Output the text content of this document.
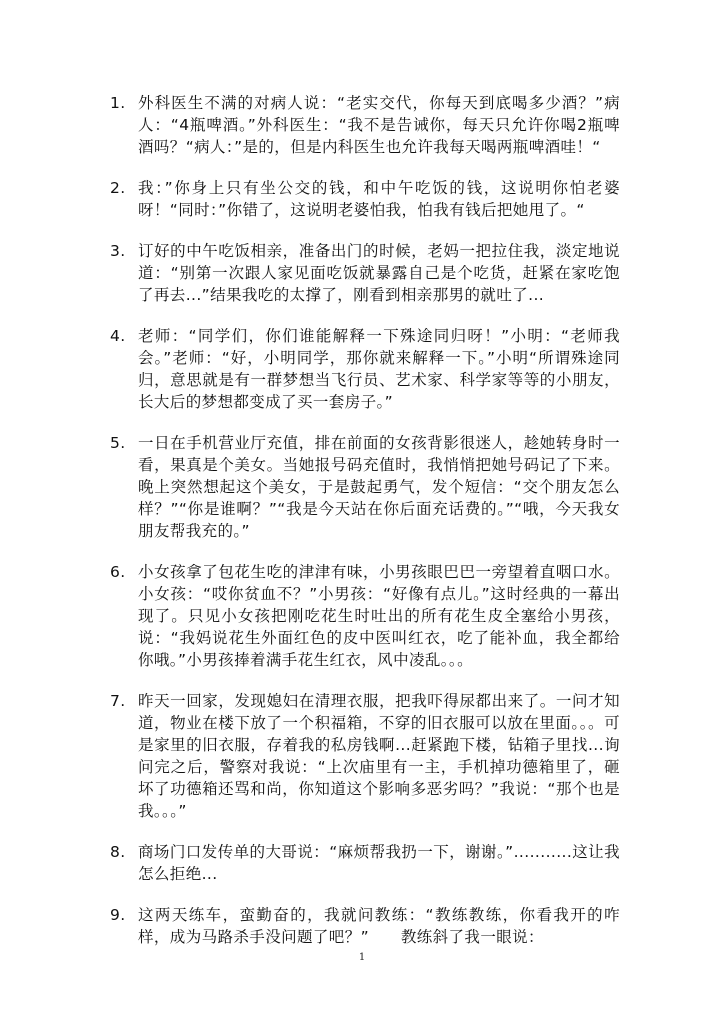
1. 外科医生不满的对病人说：“老实交代，你每天到底喝多少酒？”病人：“4瓶啤酒。”外科医生：“我不是告诫你，每天只允许你喝2瓶啤酒吗？“病人：”是的，但是内科医生也允许我每天喝两瓶啤酒哇！“
2. 我：”你身上只有坐公交的钱，和中午吃饭的钱，这说明你怕老婆呀！“同时：”你错了，这说明老婆怕我，怕我有钱后把她甩了。“
3. 订好的中午吃饭相亲，准备出门的时候，老妈一把拉住我，淡定地说道：“别第一次跟人家见面吃饭就暴露自己是个吃货，赶紧在家吃饱了再去...”结果我吃的太撑了，刚看到相亲那男的就吐了...
4. 老师：“同学们，你们谁能解释一下殊途同归呀！”小明：“老师我会。”老师：“好，小明同学，那你就来解释一下。”小明“所谓殊途同归，意思就是有一群梦想当飞行员、艺术家、科学家等等的小朋友，长大后的梦想都变成了买一套房子。”
5. 一日在手机营业厅充值，排在前面的女孩背影很迷人，趁她转身时一看，果真是个美女。当她报号码充值时，我悄悄把她号码记了下来。晚上突然想起这个美女，于是鼓起勇气，发个短信：“交个朋友怎么样？”“你是谁啊？”“我是今天站在你后面充话费的。”“哦，今天我女朋友帮我充的。”
6. 小女孩拿了包花生吃的津津有味，小男孩眼巴巴一旁望着直咽口水。小女孩：“哎你贫血不？”小男孩：“好像有点儿。”这时经典的一幕出现了。只见小女孩把刚吃花生时吐出的所有花生皮全塞给小男孩，说：“我妈说花生外面红色的皮中医叫红衣，吃了能补血，我全都给你哦。”小男孩捧着满手花生红衣，风中凌乱。。。
7. 昨天一回家，发现媳妇在清理衣服，把我吓得尿都出来了。一问才知道，物业在楼下放了一个积福箱，不穿的旧衣服可以放在里面。。。可是家里的旧衣服，存着我的私房钱啊...赶紧跑下楼，钻箱子里找...询问完之后，警察对我说：“上次庙里有一主，手机掉功德箱里了，砸坏了功德箱还骂和尚，你知道这个影响多恶劣吗？”我说：“那个也是我。。。”
8. 商场门口发传单的大哥说：“麻烦帮我扔一下，谢谢。”...........这让我怎么拒绝...
9. 这两天练车，蛮勤奋的，我就问教练：“教练教练，你看我开的咋样，成为马路杀手没问题了吧？”　　教练斜了我一眼说：
1
